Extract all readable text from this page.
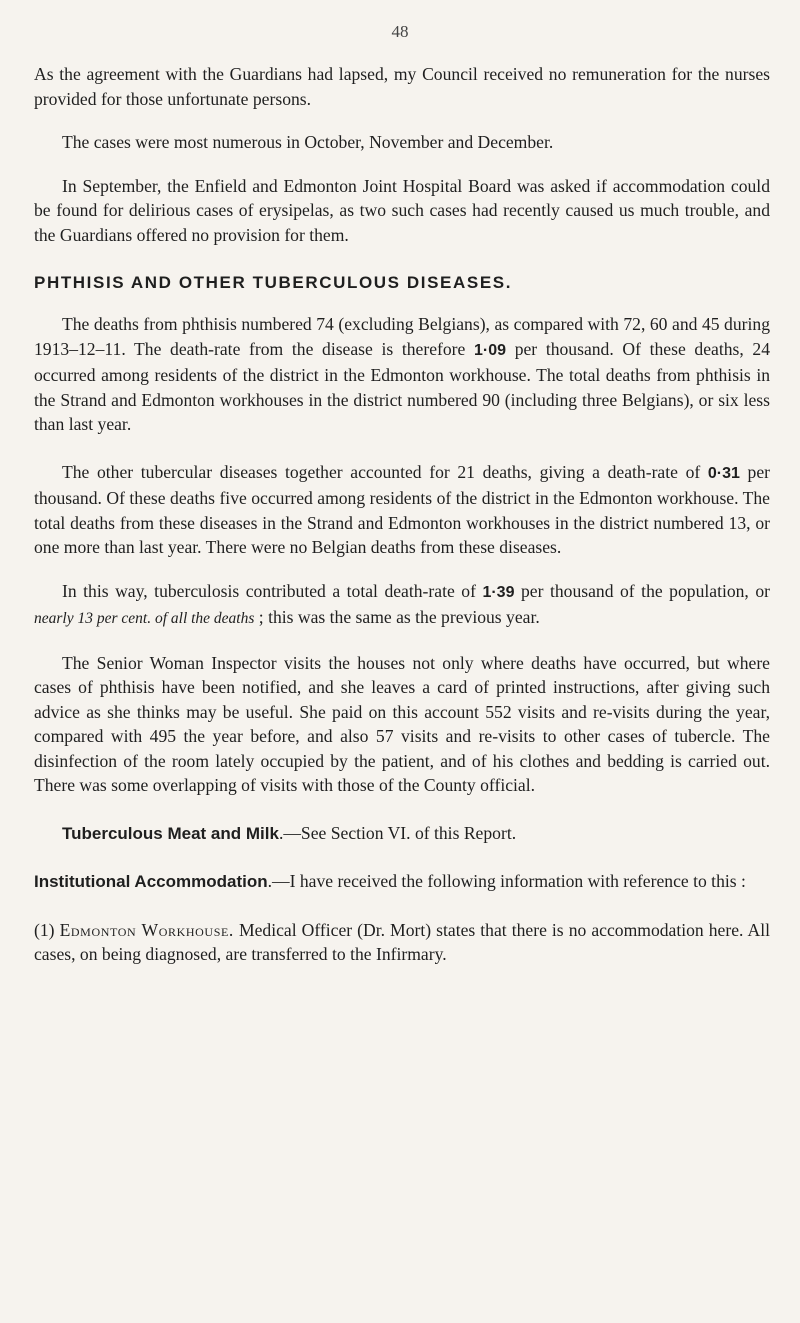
48

As the agreement with the Guardians had lapsed, my Council received no remuneration for the nurses provided for those unfortunate persons.

The cases were most numerous in October, November and December.

In September, the Enfield and Edmonton Joint Hospital Board was asked if accommodation could be found for delirious cases of erysipelas, as two such cases had recently caused us much trouble, and the Guardians offered no provision for them.

PHTHISIS AND OTHER TUBERCULOUS DISEASES.

The deaths from phthisis numbered 74 (excluding Belgians), as compared with 72, 60 and 45 during 1913–12–11. The death-rate from the disease is therefore 1·09 per thousand. Of these deaths, 24 occurred among residents of the district in the Edmonton workhouse. The total deaths from phthisis in the Strand and Edmonton workhouses in the district numbered 90 (including three Belgians), or six less than last year.

The other tubercular diseases together accounted for 21 deaths, giving a death-rate of 0·31 per thousand. Of these deaths five occurred among residents of the district in the Edmonton workhouse. The total deaths from these diseases in the Strand and Edmonton workhouses in the district numbered 13, or one more than last year. There were no Belgian deaths from these diseases.

In this way, tuberculosis contributed a total death-rate of 1·39 per thousand of the population, or nearly 13 per cent. of all the deaths ; this was the same as the previous year.

The Senior Woman Inspector visits the houses not only where deaths have occurred, but where cases of phthisis have been notified, and she leaves a card of printed instructions, after giving such advice as she thinks may be useful. She paid on this account 552 visits and re-visits during the year, compared with 495 the year before, and also 57 visits and re-visits to other cases of tubercle. The disinfection of the room lately occupied by the patient, and of his clothes and bedding is carried out. There was some overlapping of visits with those of the County official.

Tuberculous Meat and Milk.—See Section VI. of this Report.

Institutional Accommodation.—I have received the following information with reference to this :

(1) Edmonton Workhouse. Medical Officer (Dr. Mort) states that there is no accommodation here. All cases, on being diagnosed, are transferred to the Infirmary.
